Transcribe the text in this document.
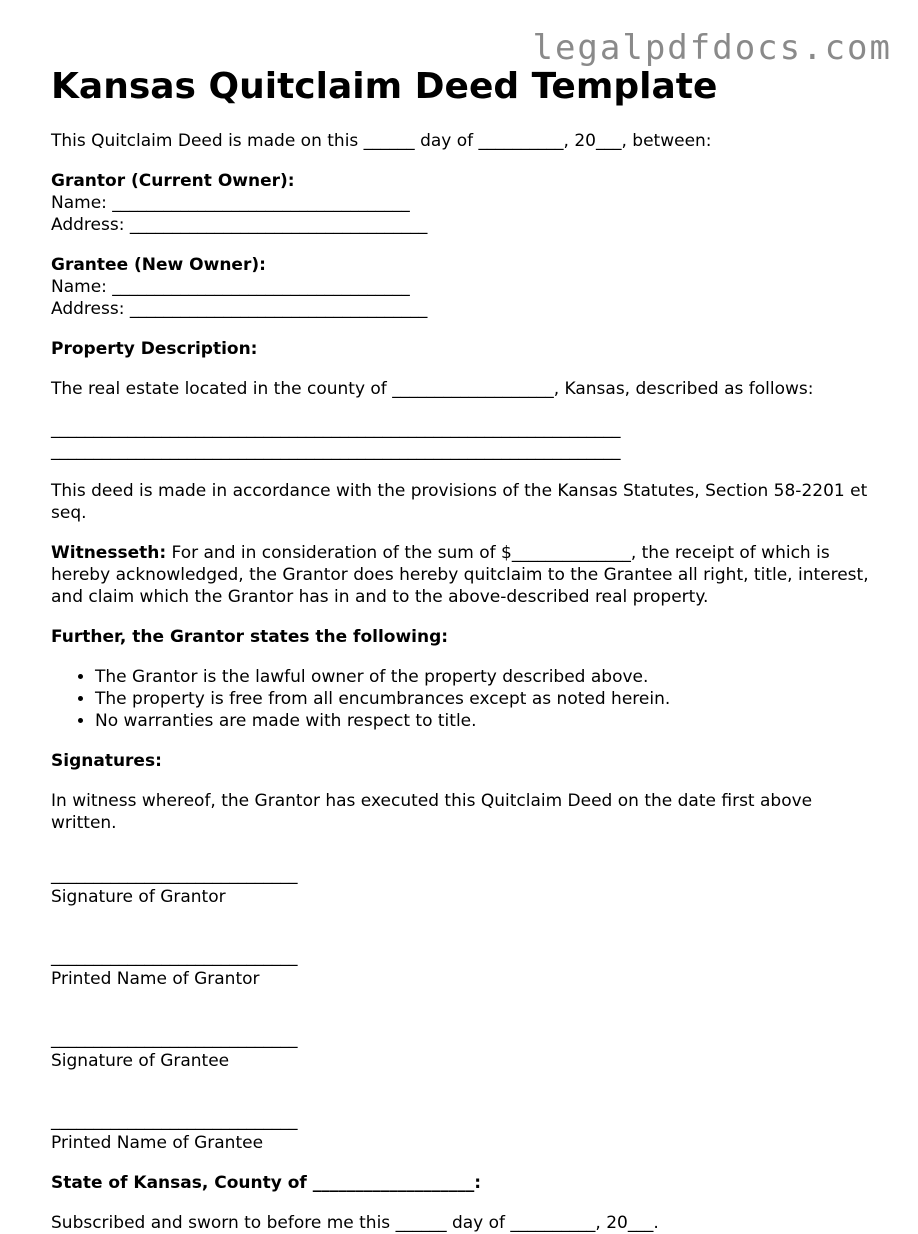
legalpdfdocs.com
Kansas Quitclaim Deed Template

This Quitclaim Deed is made on this ______ day of __________, 20___, between:

Grantor (Current Owner):

Name: ___________________________________

Address: ___________________________________

Grantee (New Owner):

Name: ___________________________________

Address: ___________________________________

Property Description:

The real estate located in the county of ___________________, Kansas, described as follows:

___________________________________________________________________

___________________________________________________________________

This deed is made in accordance with the provisions of the Kansas Statutes, Section 58-2201 et seq.

Witnesseth: For and in consideration of the sum of $______________, the receipt of which is hereby acknowledged, the Grantor does hereby quitclaim to the Grantee all right, title, interest, and claim which the Grantor has in and to the above-described real property.

Further, the Grantor states the following:

• The Grantor is the lawful owner of the property described above.
• The property is free from all encumbrances except as noted herein.
• No warranties are made with respect to title.

Signatures:

In witness whereof, the Grantor has executed this Quitclaim Deed on the date first above written.

_____________________________

Signature of Grantor

_____________________________

Printed Name of Grantor

_____________________________

Signature of Grantee

_____________________________

Printed Name of Grantee

State of Kansas, County of ___________________:

Subscribed and sworn to before me this ______ day of __________, 20___.
